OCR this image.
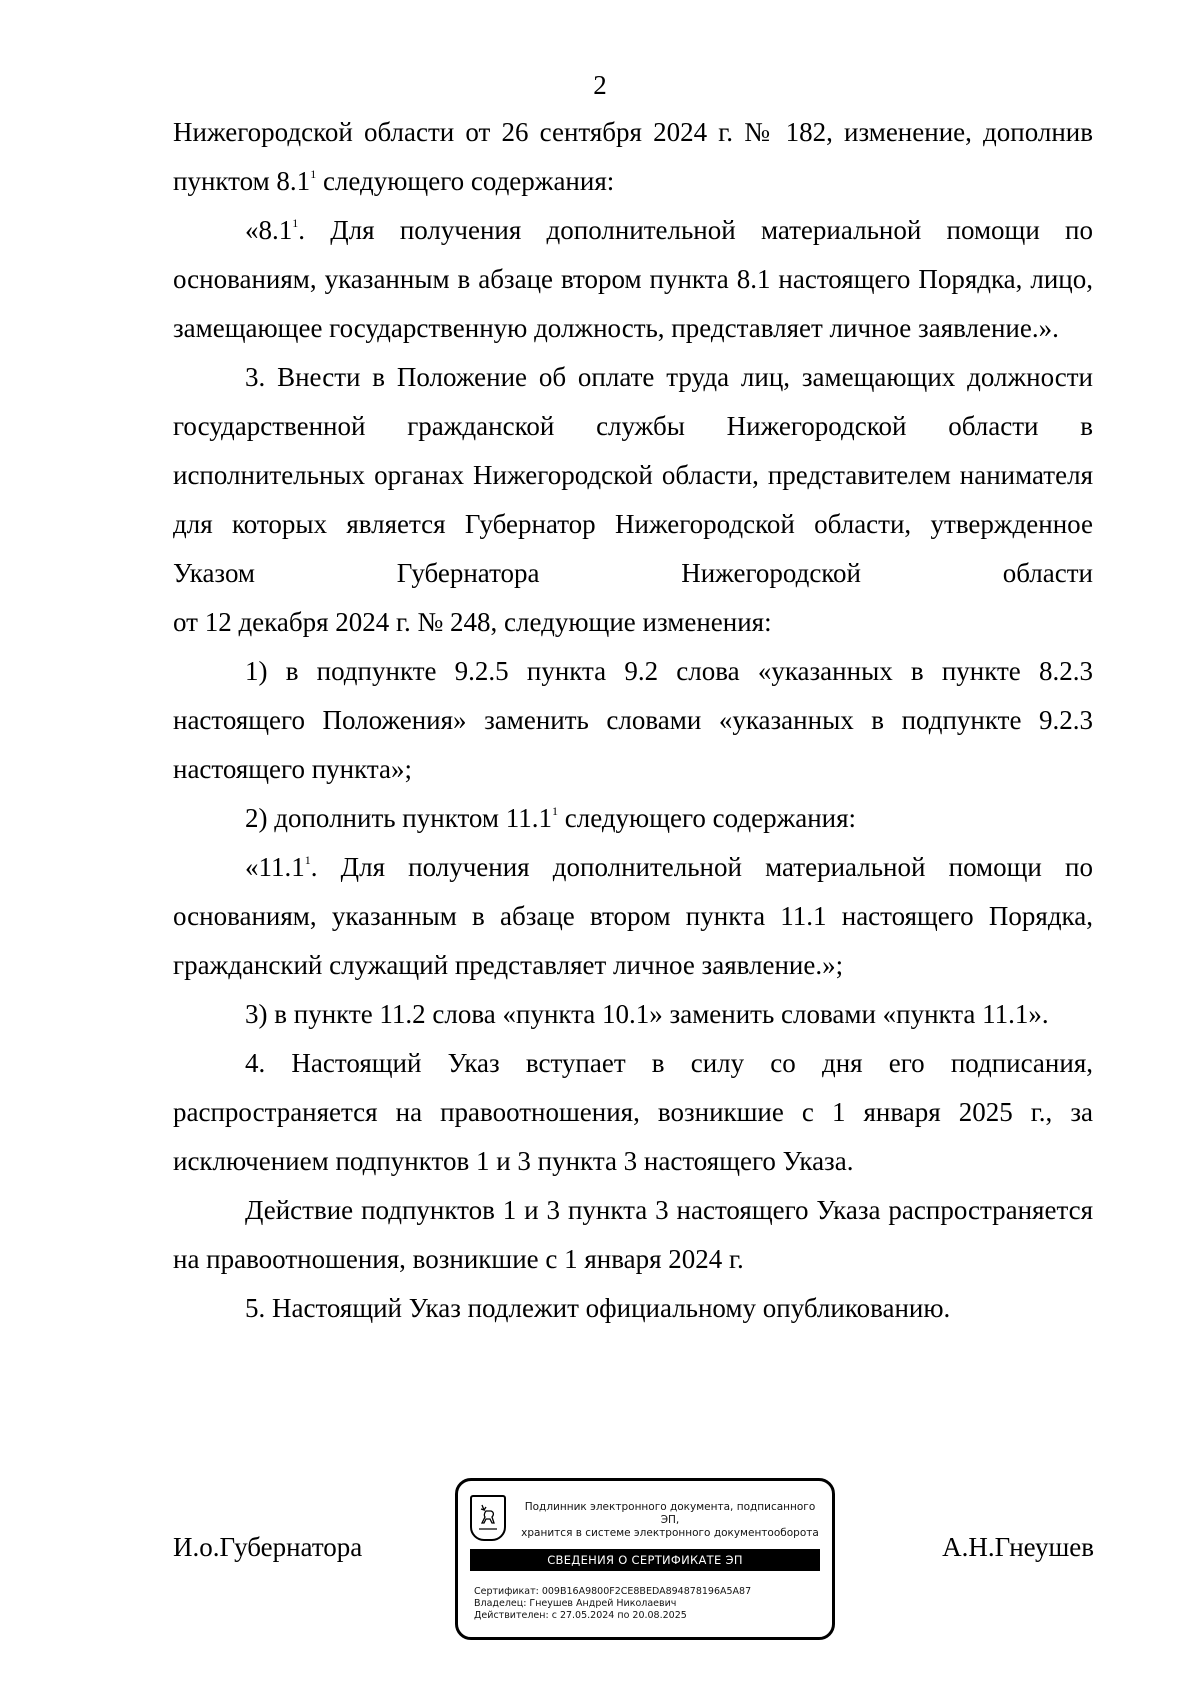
2

Нижегородской области от 26 сентября 2024 г. № 182, изменение, дополнив пунктом $8.1^1$ следующего содержания:

«$8.1^1$. Для получения дополнительной материальной помощи по основаниям, указанным в абзаце втором пункта 8.1 настоящего Порядка, лицо, замещающее государственную должность, представляет личное заявление.».

3. Внести в Положение об оплате труда лиц, замещающих должности государственной гражданской службы Нижегородской области в исполнительных органах Нижегородской области, представителем нанимателя для которых является Губернатор Нижегородской области, утвержденное Указом Губернатора Нижегородской области

от 12 декабря 2024 г. № 248, следующие изменения:

1) в подпункте 9.2.5 пункта 9.2 слова «указанных в пункте 8.2.3 настоящего Положения» заменить словами «указанных в подпункте 9.2.3 настоящего пункта»;

2) дополнить пунктом 11.1$^1$ следующего содержания:

«11.1$^1$. Для получения дополнительной материальной помощи по основаниям, указанным в абзаце втором пункта 11.1 настоящего Порядка, гражданский служащий представляет личное заявление.»;

3) в пункте 11.2 слова «пункта 10.1» заменить словами «пункта 11.1».

4. Настоящий Указ вступает в силу со дня его подписания, распространяется на правоотношения, возникшие с 1 января 2025 г., за исключением подпунктов 1 и 3 пункта 3 настоящего Указа.

Действие подпунктов 1 и 3 пункта 3 настоящего Указа распространяется на правоотношения, возникшие с 1 января 2024 г.

5. Настоящий Указ подлежит официальному опубликованию.

И.о.Губернатора	А.Н.Гнеушев
Подлинник электронного документа, подписанного ЭП,
хранится в системе электронного документооборота
СВЕДЕНИЯ О СЕРТИФИКАТЕ ЭП
Сертификат: 009B16A9800F2CE8BEDA894878196A5A87
Владелец: Гнеушев Андрей Николаевич
Действителен: с 27.05.2024 по 20.08.2025
